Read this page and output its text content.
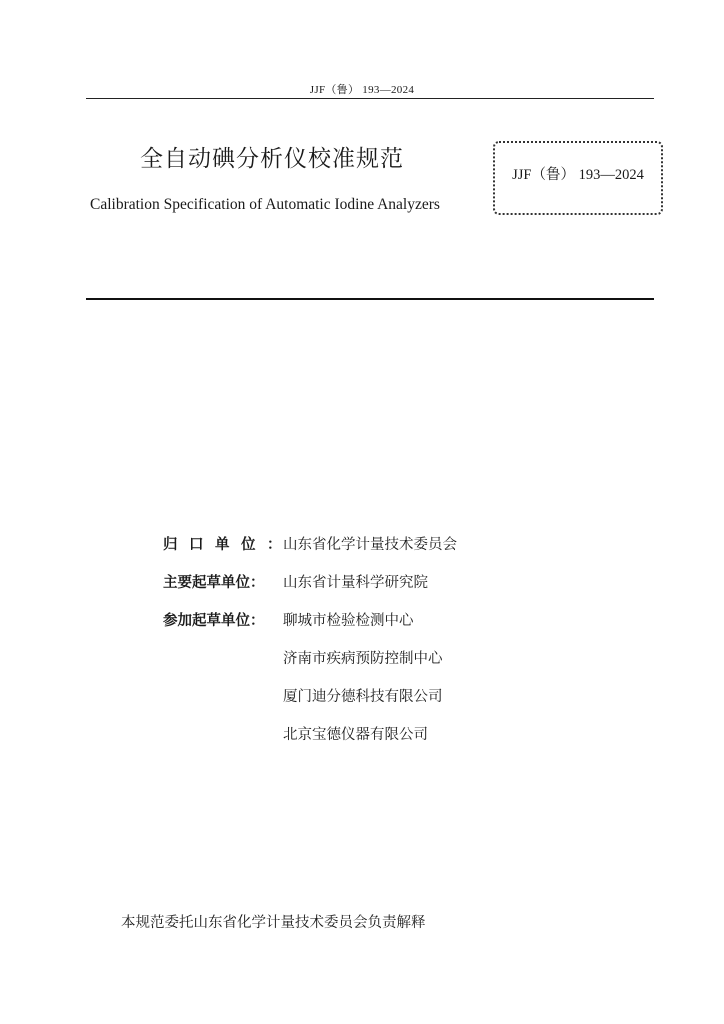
JJF（鲁） 193—2024
全自动碘分析仪校准规范
Calibration Specification of Automatic Iodine Analyzers
JJF（鲁） 193—2024
归口单位：
山东省化学计量技术委员会
主要起草单位： 山东省计量科学研究院
参加起草单位： 聊城市检验检测中心
济南市疾病预防控制中心
厦门迪分德科技有限公司
北京宝德仪器有限公司
本规范委托山东省化学计量技术委员会负责解释
